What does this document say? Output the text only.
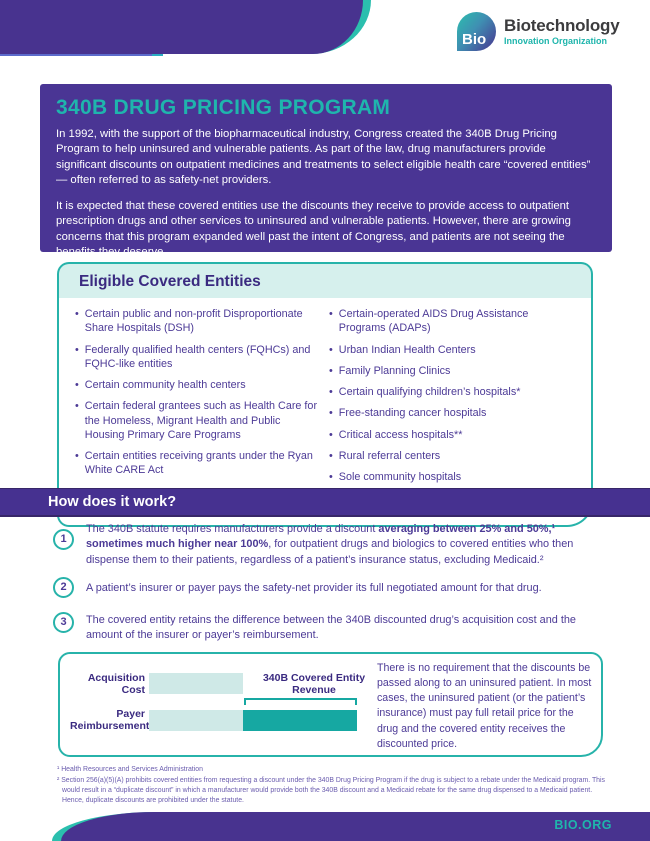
Bio
Biotechnology
Innovation Organization
340B DRUG PRICING PROGRAM

In 1992, with the support of the biopharmaceutical industry, Congress created the 340B Drug Pricing Program to help uninsured and vulnerable patients. As part of the law, drug manufacturers provide significant discounts on outpatient medicines and treatments to select eligible health care “covered entities” — often referred to as safety-net providers.

It is expected that these covered entities use the discounts they receive to provide access to outpatient prescription drugs and other services to uninsured and vulnerable patients. However, there are growing concerns that this program expanded well past the intent of Congress, and patients are not seeing the benefits they deserve.

Eligible Covered Entities
•
Certain public and non-profit Disproportionate Share Hospitals (DSH)
•
Federally qualified health centers (FQHCs) and FQHC-like entities
•
Certain community health centers
•
Certain federal grantees such as Health Care for the Homeless, Migrant Health and Public Housing Primary Care Programs
•
Certain entities receiving grants under the Ryan White CARE Act
•
Certain-operated AIDS Drug Assistance Programs (ADAPs)
•
Urban Indian Health Centers
•
Family Planning Clinics
•
Certain qualifying children’s hospitals*
•
Free-standing cancer hospitals
•
Critical access hospitals**
•
Rural referral centers
•
Sole community hospitals
•
How does it work?
1

The 340B statute requires manufacturers provide a discount averaging between 25% and 50%,¹ sometimes much higher near 100%, for outpatient drugs and biologics to covered entities who then dispense them to their patients, regardless of a patient’s insurance status, excluding Medicaid.²

2	A patient’s insurer or payer pays the safety-net provider its full negotiated amount for that drug.

3	The covered entity retains the difference between the 340B discounted drug’s acquisition cost and the amount of the insurer or payer’s reimbursement.

Acquisition Cost
340B Covered Entity Revenue
Payer Reimbursement

There is no requirement that the discounts be passed along to an uninsured patient. In most cases, the uninsured patient (or the patient’s insurance) must pay full retail price for the drug and the covered entity receives the discounted price.

¹ Health Resources and Services Administration

² Section 256(a)(5)(A) prohibits covered entities from requesting a discount under the 340B Drug Pricing Program if the drug is subject to a rebate under the Medicaid program. This would result in a “duplicate discount” in which a manufacturer would provide both the 340B discount and a Medicaid rebate for the same drug dispensed to a Medicaid patient. Hence, duplicate discounts are prohibited under the statute.

BIO.ORG
